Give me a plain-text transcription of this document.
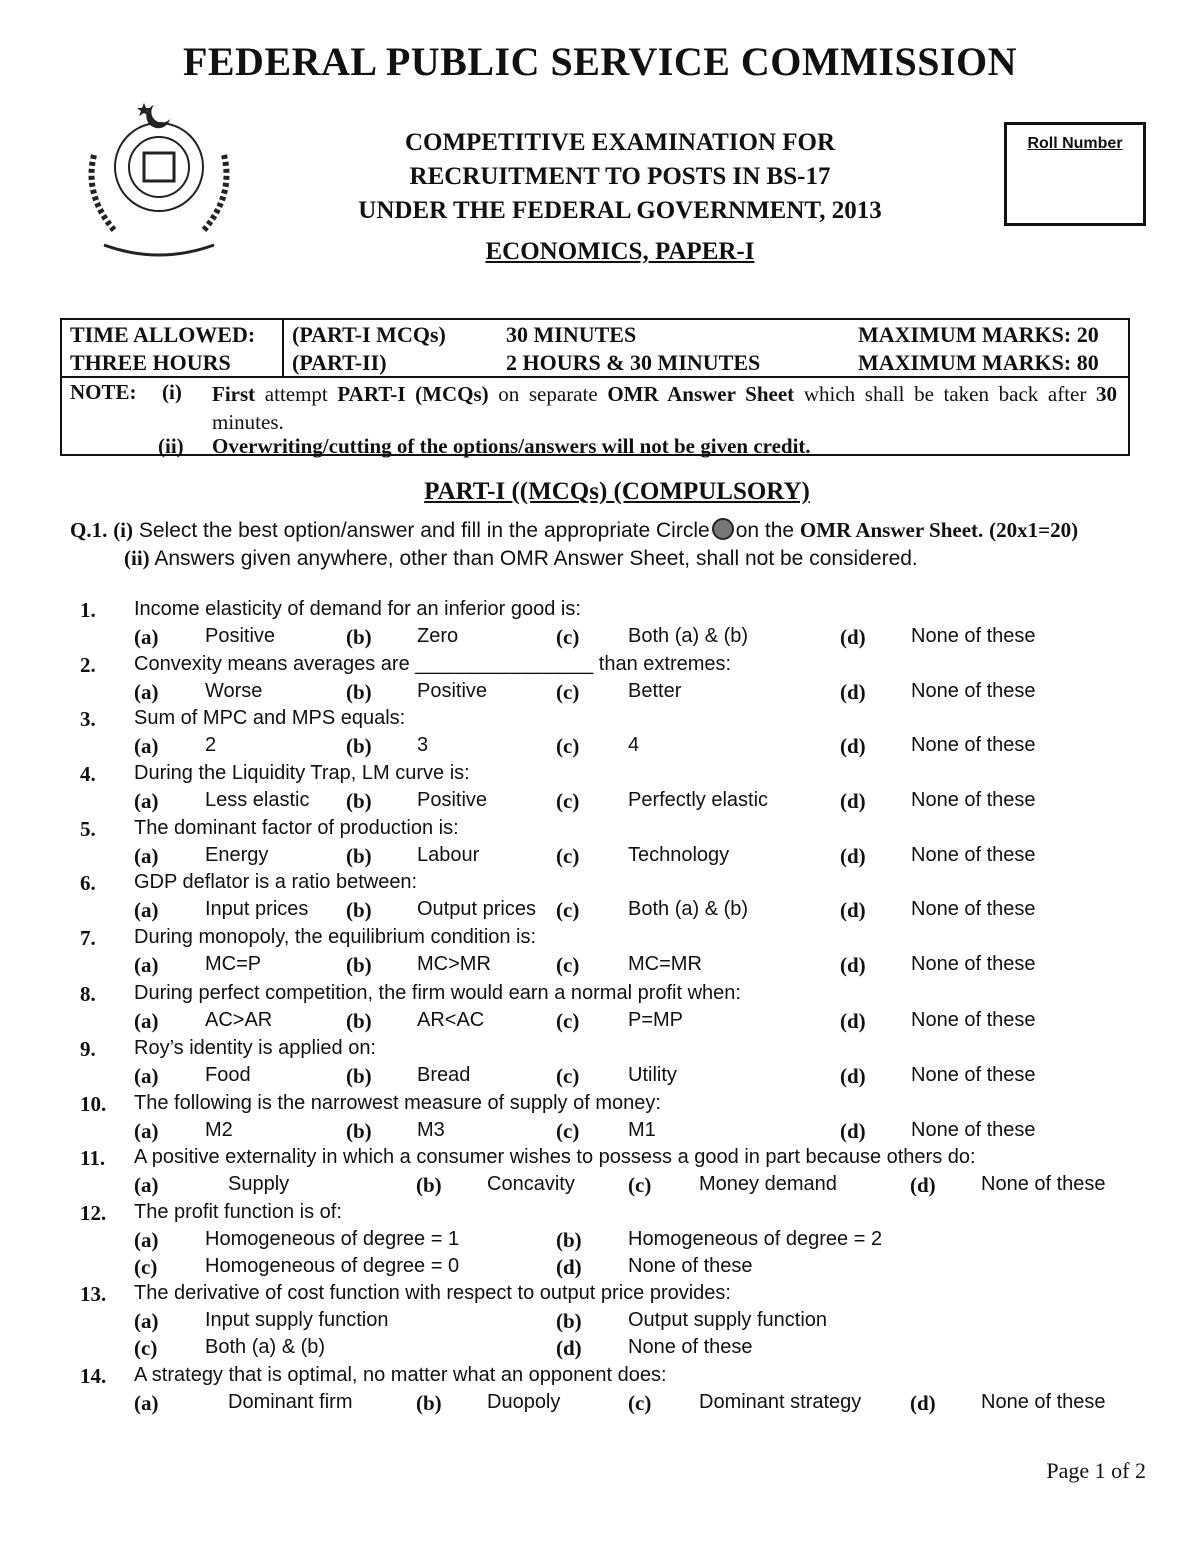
FEDERAL PUBLIC SERVICE COMMISSION
COMPETITIVE EXAMINATION FOR
RECRUITMENT TO POSTS IN BS-17
UNDER THE FEDERAL GOVERNMENT, 2013
ECONOMICS, PAPER-I
Roll Number
TIME ALLOWED: (PART-I MCQs)	30 MINUTES	MAXIMUM MARKS: 20
THREE HOURS	(PART-II)	2 HOURS & 30 MINUTES	MAXIMUM MARKS: 80
NOTE: (i) First attempt PART-I (MCQs) on separate OMR Answer Sheet which shall be taken back after 30 minutes.
(ii) Overwriting/cutting of the options/answers will not be given credit.
PART-I ((MCQs) (COMPULSORY)
Q.1. (i) Select the best option/answer and fill in the appropriate Circle on the OMR Answer Sheet. (20x1=20)
(ii) Answers given anywhere, other than OMR Answer Sheet, shall not be considered.
1. Income elasticity of demand for an inferior good is:
(a) Positive	(b) Zero	(c) Both (a) & (b)	(d) None of these
2. Convexity means averages are ________________ than extremes:
(a) Worse	(b) Positive	(c) Better	(d) None of these
3. Sum of MPC and MPS equals:
(a) 2	(b) 3	(c) 4	(d) None of these
4. During the Liquidity Trap, LM curve is:
(a) Less elastic (b) Positive	(c) Perfectly elastic	(d) None of these
5. The dominant factor of production is:
(a) Energy	(b) Labour	(c) Technology	(d) None of these
6. GDP deflator is a ratio between:
(a) Input prices (b) Output prices (c) Both (a) & (b)	(d) None of these
7. During monopoly, the equilibrium condition is:
(a) MC=P	(b) MC>MR	(c) MC=MR	(d) None of these
8. During perfect competition, the firm would earn a normal profit when:
(a) AC>AR	(b) AR<AC	(c) P=MP	(d) None of these
9. Roy’s identity is applied on:
(a) Food	(b) Bread	(c) Utility	(d) None of these
10. The following is the narrowest measure of supply of money:
(a) M2	(b) M3	(c) M1	(d) None of these
11. A positive externality in which a consumer wishes to possess a good in part because others do:
(a)	Supply	(b) Concavity	(c) Money demand	(d) None of these
12. The profit function is of:
(a) Homogeneous of degree = 1	(b) Homogeneous of degree = 2
(c) Homogeneous of degree = 0	(d) None of these
13. The derivative of cost function with respect to output price provides:
(a) Input supply function	(b) Output supply function
(c) Both (a) & (b)	(d) None of these
14. A strategy that is optimal, no matter what an opponent does:
(a)	Dominant firm	(b) Duopoly	(c) Dominant strategy (d) None of these
Page 1 of 2
